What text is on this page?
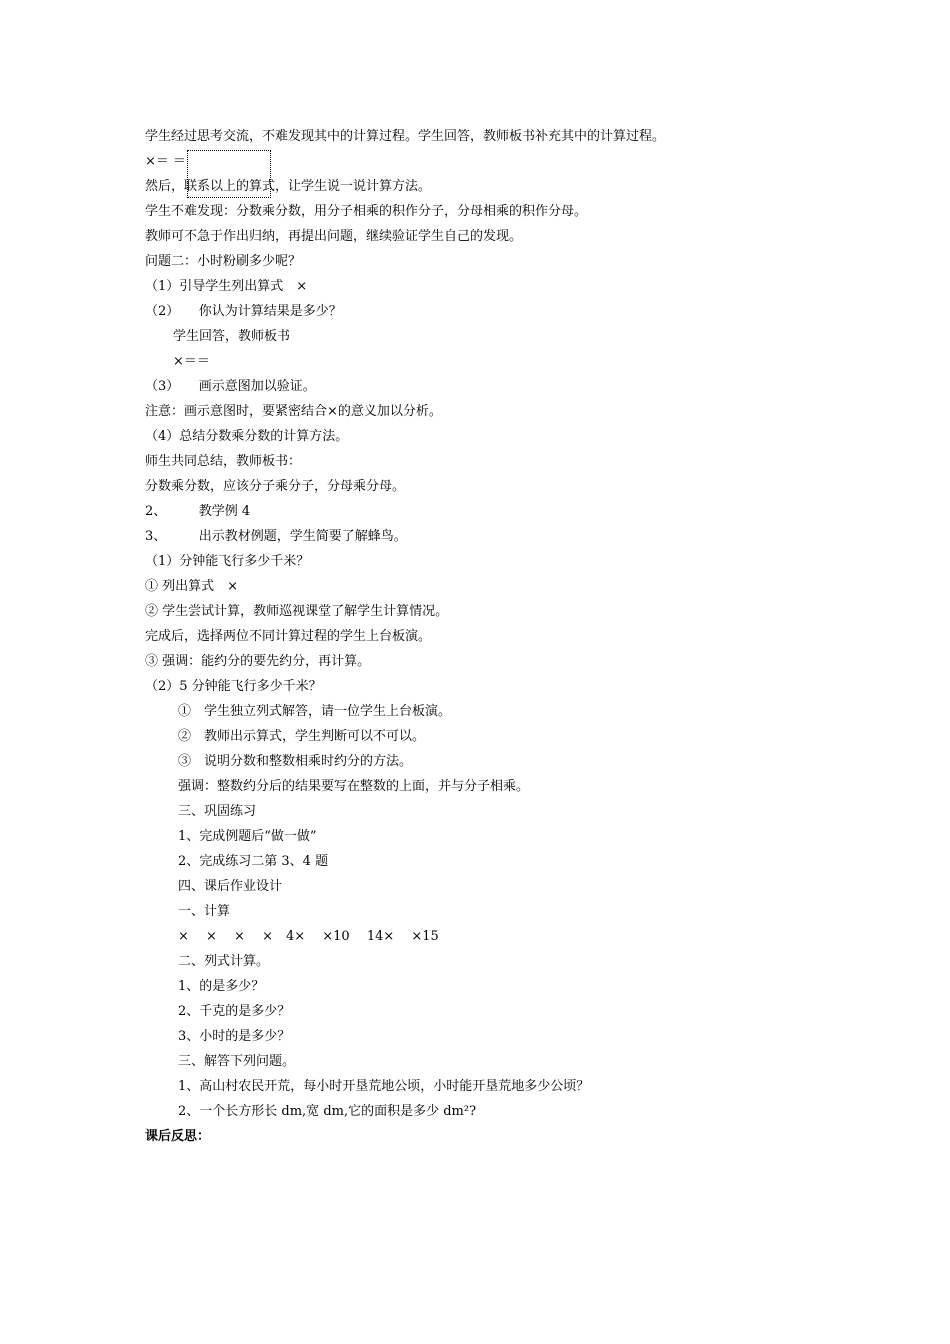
学生经过思考交流，不难发现其中的计算过程。学生回答，教师板书补充其中的计算过程。
×＝ ＝
然后，联系以上的算式，让学生说一说计算方法。
学生不难发现：分数乘分数，用分子相乘的积作分子，分母相乘的积作分母。
教师可不急于作出归纳，再提出问题，继续验证学生自己的发现。
问题二：小时粉刷多少呢？
（1）引导学生列出算式　×
（2）　　你认为计算结果是多少？
学生回答，教师板书
×＝＝
（3）　　画示意图加以验证。
注意：画示意图时，要紧密结合×的意义加以分析。
（4）总结分数乘分数的计算方法。
师生共同总结，教师板书：
分数乘分数，应该分子乘分子，分母乘分母。
2、　　　教学例 4
3、　　　出示教材例题，学生简要了解蜂鸟。
（1）分钟能飞行多少千米？
① 列出算式　×
② 学生尝试计算，教师巡视课堂了解学生计算情况。
完成后，选择两位不同计算过程的学生上台板演。
③ 强调：能约分的要先约分，再计算。
（2）5 分钟能飞行多少千米？
①　学生独立列式解答，请一位学生上台板演。
②　教师出示算式，学生判断可以不可以。
③　说明分数和整数相乘时约分的方法。
强调：整数约分后的结果要写在整数的上面，并与分子相乘。
三、巩固练习
1、完成例题后“做一做”
2、完成练习二第 3、4 题
四、课后作业设计
一、计算
×　 ×　 ×　 ×　4×　 ×10　 14×　 ×15
二、列式计算。
1、的是多少？
2、千克的是多少？
3、小时的是多少？
三、解答下列问题。
1、高山村农民开荒，每小时开垦荒地公顷，小时能开垦荒地多少公顷？
2、一个长方形长 dm,宽 dm,它的面积是多少 dm²?
课后反思：
